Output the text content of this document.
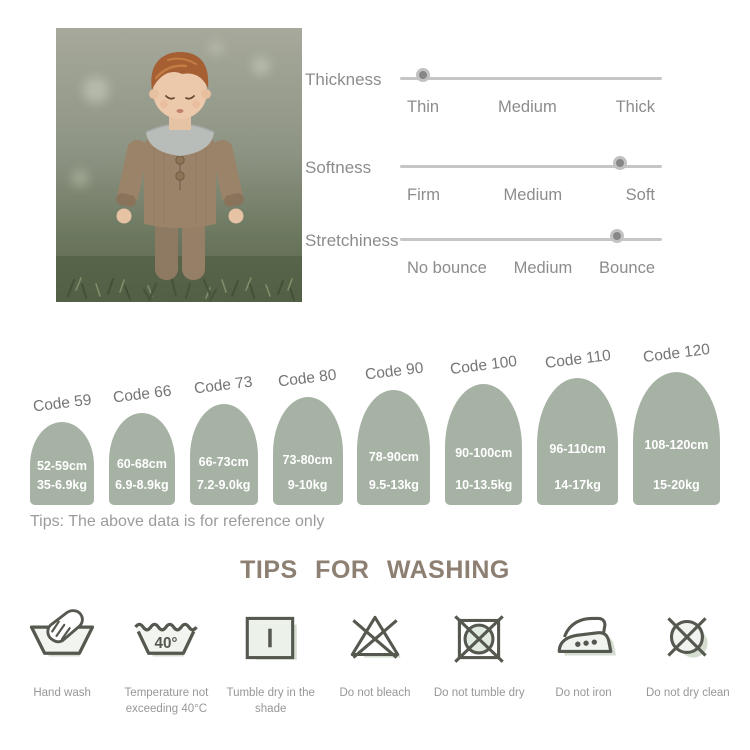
Thickness
Thin	Medium	Thick
Softness
Firm	Medium	Soft
Stretchiness
No bounce Medium Bounce
Code 59
52-59cm
35-6.9kg
Code 66
60-68cm
6.9-8.9kg
Code 73
66-73cm
7.2-9.0kg
Code 80
73-80cm
9-10kg
Code 90
78-90cm
9.5-13kg
Code 100
90-100cm
10-13.5kg
Code 110
96-110cm
14-17kg
Code 120
108-120cm
15-20kg
Tips: The above data is for reference only
TIPS FOR WASHING
Hand wash
40°
Temperature not exceeding 40°C
Tumble dry in the shade
Do not bleach Do not tumble dry	Do not iron	Do not dry clean
